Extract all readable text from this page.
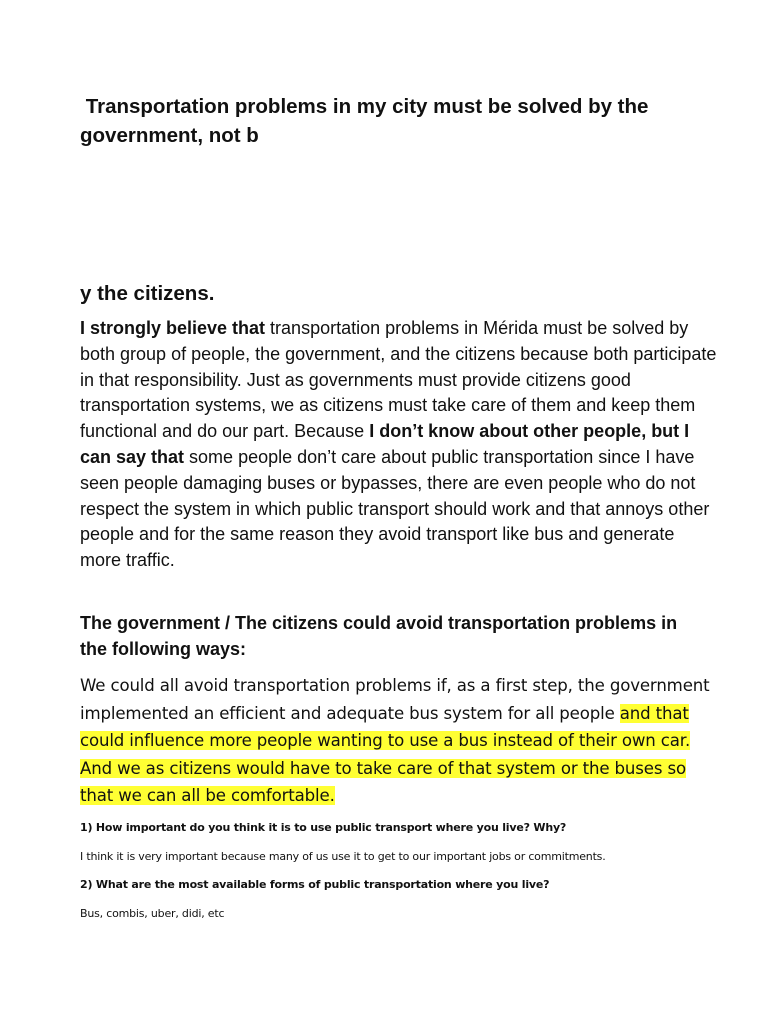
Transportation problems in my city must be solved by the government, not b
y the citizens.

I strongly believe that transportation problems in Mérida must be solved by both group of people, the government, and the citizens because both participate in that responsibility. Just as governments must provide citizens good transportation systems, we as citizens must take care of them and keep them functional and do our part. Because I don’t know about other people, but I can say that some people don’t care about public transportation since I have seen people damaging buses or bypasses, there are even people who do not respect the system in which public transport should work and that annoys other people and for the same reason they avoid transport like bus and generate more traffic.

The government / The citizens could avoid transportation problems in the following ways:

We could all avoid transportation problems if, as a first step, the government implemented an efficient and adequate bus system for all people and that could influence more people wanting to use a bus instead of their own car. And we as citizens would have to take care of that system or the buses so that we can all be comfortable.

1) How important do you think it is to use public transport where you live? Why?

I think it is very important because many of us use it to get to our important jobs or commitments.

2) What are the most available forms of public transportation where you live?

Bus, combis, uber, didi, etc
